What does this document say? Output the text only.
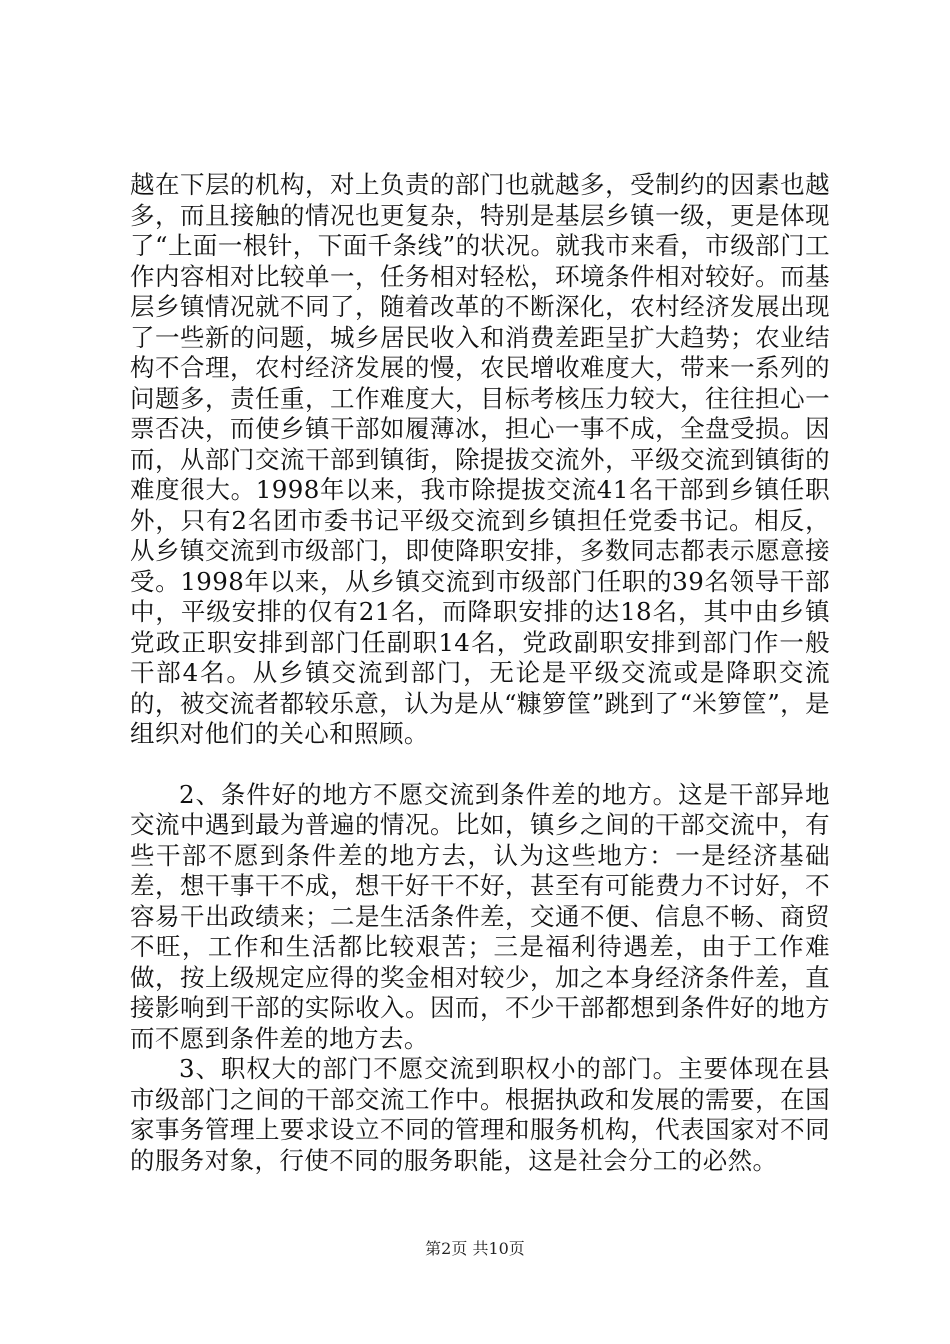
越在下层的机构，对上负责的部门也就越多，受制约的因素也越多，而且接触的情况也更复杂，特别是基层乡镇一级，更是体现了“上面一根针，下面千条线”的状况。就我市来看，市级部门工作内容相对比较单一，任务相对轻松，环境条件相对较好。而基层乡镇情况就不同了，随着改革的不断深化，农村经济发展出现了一些新的问题，城乡居民收入和消费差距呈扩大趋势；农业结构不合理，农村经济发展的慢，农民增收难度大，带来一系列的问题多，责任重，工作难度大，目标考核压力较大，往往担心一票否决，而使乡镇干部如履薄冰，担心一事不成，全盘受损。因而，从部门交流干部到镇街，除提拔交流外，平级交流到镇街的难度很大。1998年以来，我市除提拔交流41名干部到乡镇任职外，只有2名团市委书记平级交流到乡镇担任党委书记。相反，从乡镇交流到市级部门，即使降职安排，多数同志都表示愿意接受。1998年以来，从乡镇交流到市级部门任职的39名领导干部中，平级安排的仅有21名，而降职安排的达18名，其中由乡镇党政正职安排到部门任副职14名，党政副职安排到部门作一般干部4名。从乡镇交流到部门，无论是平级交流或是降职交流的，被交流者都较乐意，认为是从“糠箩筐”跳到了“米箩筐”，是组织对他们的关心和照顾。

2、条件好的地方不愿交流到条件差的地方。这是干部异地交流中遇到最为普遍的情况。比如，镇乡之间的干部交流中，有些干部不愿到条件差的地方去，认为这些地方：一是经济基础差，想干事干不成，想干好干不好，甚至有可能费力不讨好，不容易干出政绩来；二是生活条件差，交通不便、信息不畅、商贸不旺，工作和生活都比较艰苦；三是福利待遇差，由于工作难做，按上级规定应得的奖金相对较少，加之本身经济条件差，直接影响到干部的实际收入。因而，不少干部都想到条件好的地方而不愿到条件差的地方去。

3、职权大的部门不愿交流到职权小的部门。主要体现在县市级部门之间的干部交流工作中。根据执政和发展的需要，在国家事务管理上要求设立不同的管理和服务机构，代表国家对不同的服务对象，行使不同的服务职能，这是社会分工的必然。

第2页 共10页
